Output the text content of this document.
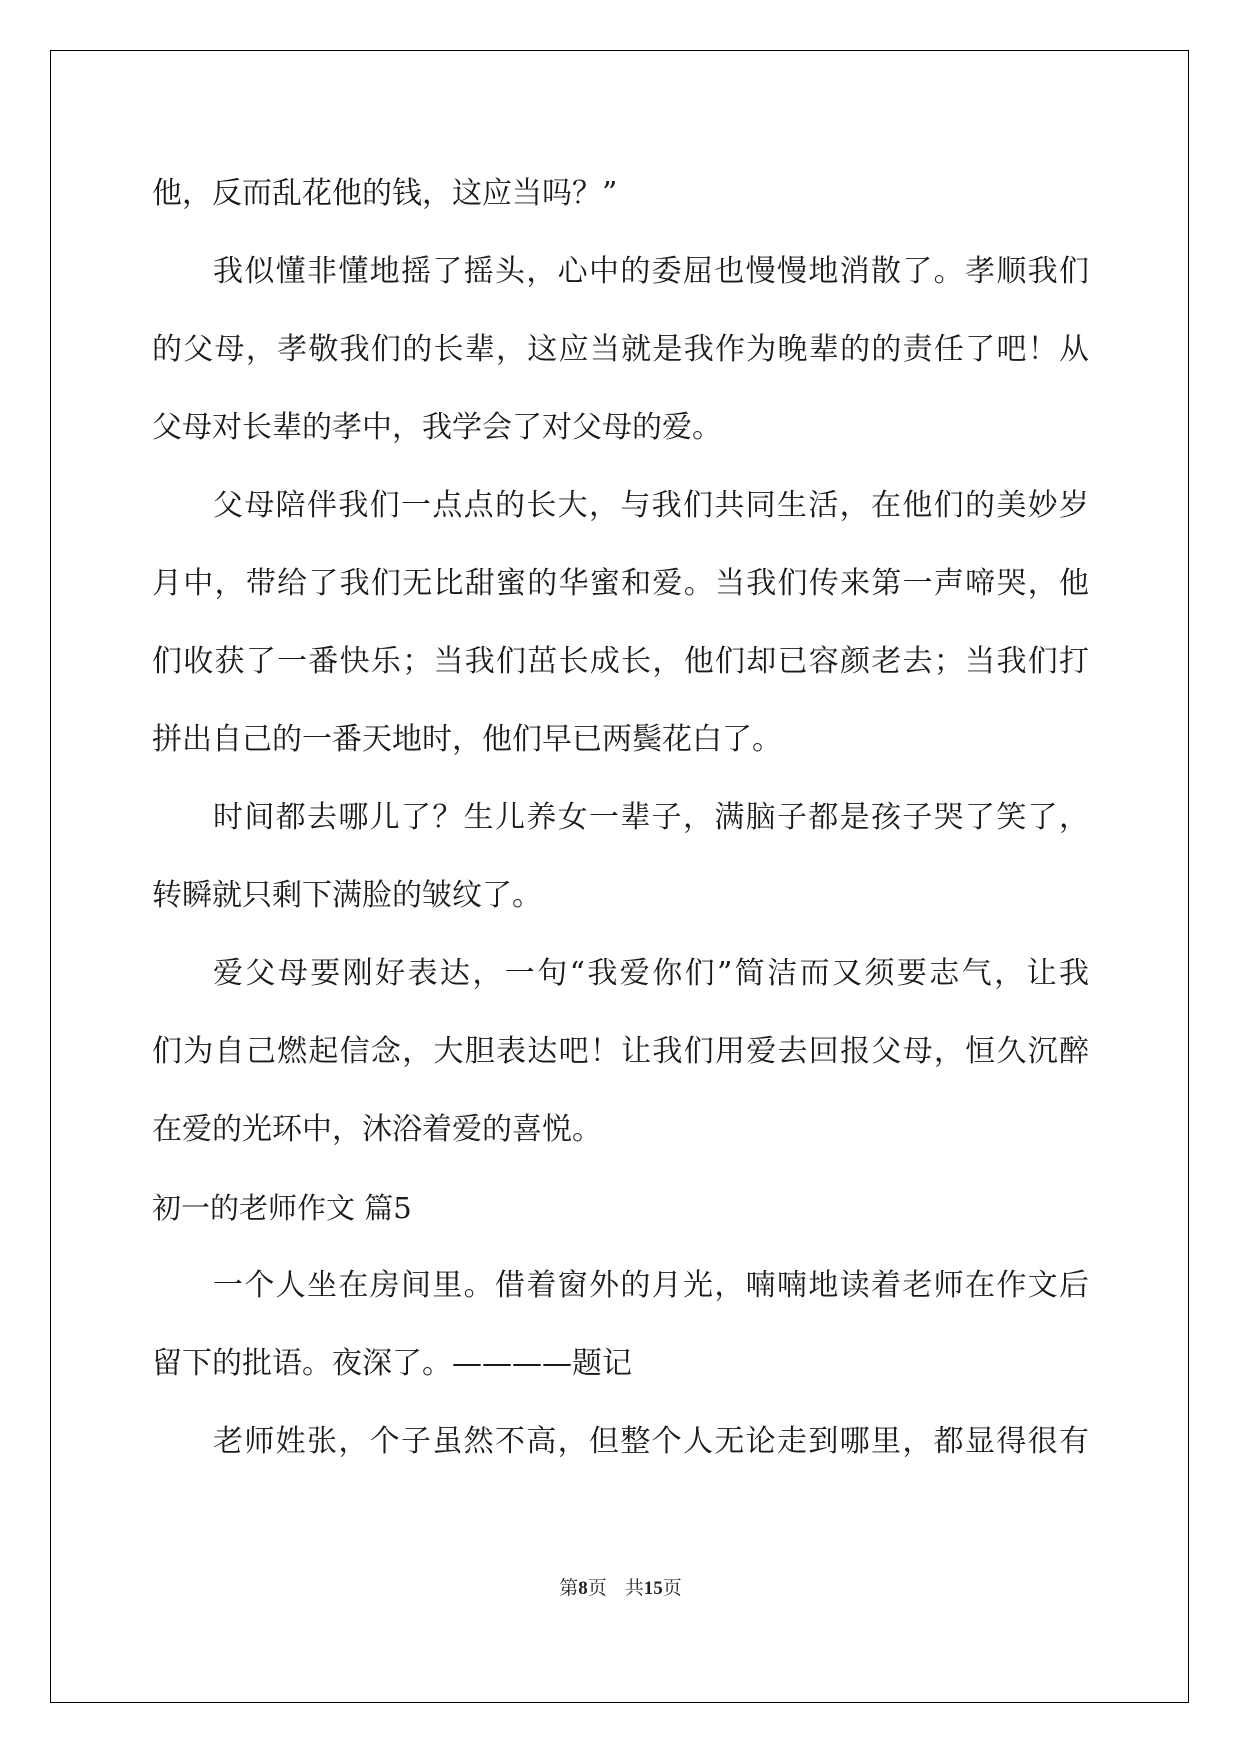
他，反而乱花他的钱，这应当吗？”
我似懂非懂地摇了摇头，心中的委屈也慢慢地消散了。孝顺我们
的父母，孝敬我们的长辈，这应当就是我作为晚辈的的责任了吧！从
父母对长辈的孝中，我学会了对父母的爱。
父母陪伴我们一点点的长大，与我们共同生活，在他们的美妙岁
月中，带给了我们无比甜蜜的华蜜和爱。当我们传来第一声啼哭，他
们收获了一番快乐；当我们茁长成长，他们却已容颜老去；当我们打
拼出自己的一番天地时，他们早已两鬓花白了。
时间都去哪儿了？生儿养女一辈子，满脑子都是孩子哭了笑了，
转瞬就只剩下满脸的皱纹了。
爱父母要刚好表达，一句“我爱你们”简洁而又须要志气，让我
们为自己燃起信念，大胆表达吧！让我们用爱去回报父母，恒久沉醉
在爱的光环中，沐浴着爱的喜悦。
初一的老师作文 篇5
一个人坐在房间里。借着窗外的月光，喃喃地读着老师在作文后
留下的批语。夜深了。————题记
老师姓张，个子虽然不高，但整个人无论走到哪里，都显得很有
第8页 共15页
